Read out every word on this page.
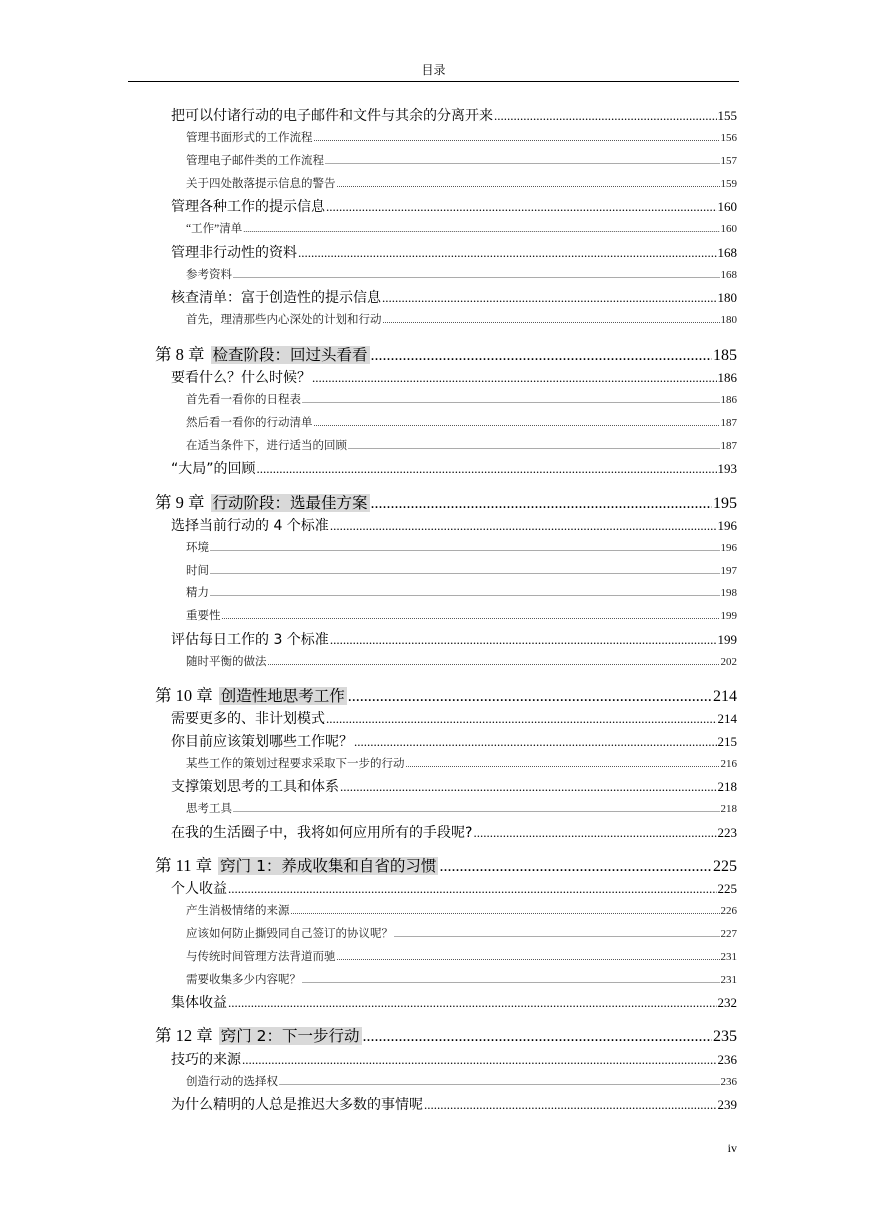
目录
把可以付诸行动的电子邮件和文件与其余的分离开来 .....	155
管理书面形式的工作流程 .....	156
管理电子邮件类的工作流程 .....	157
关于四处散落提示信息的警告 .....	159
管理各种工作的提示信息 .....	160
“工作”清单 .....	160
管理非行动性的资料 .....	168
参考资料 .....	168
核查清单：富于创造性的提示信息 .....	180
首先，理清那些内心深处的计划和行动 .....	180
第 8 章 检查阶段：回过头看看 .....	185
要看什么？什么时候？ .....	186
首先看一看你的日程表 .....	186
然后看一看你的行动清单 .....	187
在适当条件下，进行适当的回顾 .....	187
“大局”的回顾 .....	193
第 9 章 行动阶段：选最佳方案 .....	195
选择当前行动的 4 个标准 .....	196
环境 .....	196
时间 .....	197
精力 .....	198
重要性 .....	199
评估每日工作的 3 个标准 .....	199
随时平衡的做法 .....	202
第 10 章 创造性地思考工作 .....	214
需要更多的、非计划模式 .....	214
你目前应该策划哪些工作呢？ .....	215
某些工作的策划过程要求采取下一步的行动 .....	216
支撑策划思考的工具和体系 .....	218
思考工具 .....	218
在我的生活圈子中，我将如何应用所有的手段呢? .....	223
第 11 章 窍门 1：养成收集和自省的习惯 .....	225
个人收益 .....	225
产生消极情绪的来源 .....	226
应该如何防止撕毁同自己签订的协议呢？ .....	227
与传统时间管理方法背道而驰 .....	231
需要收集多少内容呢？ .....	231
集体收益 .....	232
第 12 章 窍门 2：下一步行动 .....	235
技巧的来源 .....	236
创造行动的选择权 .....	236
为什么精明的人总是推迟大多数的事情呢 .....	239
iv
